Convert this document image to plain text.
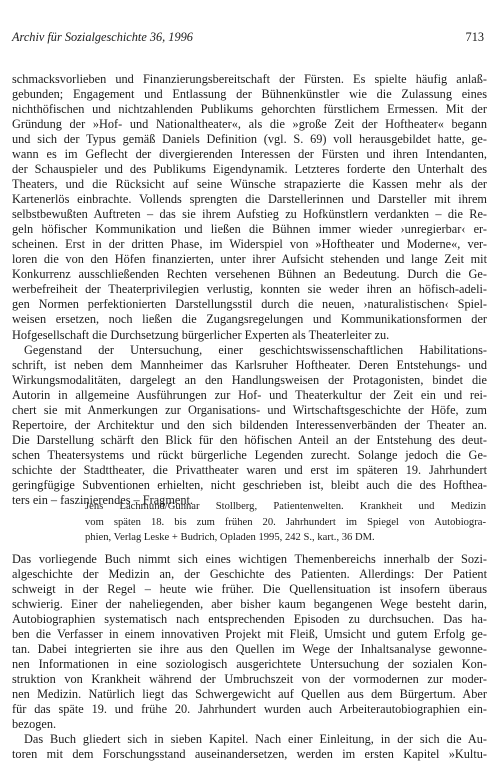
Archiv für Sozialgeschichte 36, 1996	713
schmacksvorlieben und Finanzierungsbereitschaft der Fürsten. Es spielte häufig anlaß-
gebunden; Engagement und Entlassung der Bühnenkünstler wie die Zulassung eines
nichthöfischen und nichtzahlenden Publikums gehorchten fürstlichem Ermessen. Mit der
Gründung der »Hof- und Nationaltheater«, als die »große Zeit der Hoftheater« begann
und sich der Typus gemäß Daniels Definition (vgl. S. 69) voll herausgebildet hatte, ge-
wann es im Geflecht der divergierenden Interessen der Fürsten und ihren Intendanten,
der Schauspieler und des Publikums Eigendynamik. Letzteres forderte den Unterhalt des
Theaters, und die Rücksicht auf seine Wünsche strapazierte die Kassen mehr als der
Kartenerlös einbrachte. Vollends sprengten die Darstellerinnen und Darsteller mit ihrem
selbstbewußten Auftreten – das sie ihrem Aufstieg zu Hofkünstlern verdankten – die Re-
geln höfischer Kommunikation und ließen die Bühnen immer wieder ›unregierbar‹ er-
scheinen. Erst in der dritten Phase, im Widerspiel von »Hoftheater und Moderne«, ver-
loren die von den Höfen finanzierten, unter ihrer Aufsicht stehenden und lange Zeit mit
Konkurrenz ausschließenden Rechten versehenen Bühnen an Bedeutung. Durch die Ge-
werbefreiheit der Theaterprivilegien verlustig, konnten sie weder ihren an höfisch-adeli-
gen Normen perfektionierten Darstellungsstil durch die neuen, ›naturalistischen‹ Spiel-
weisen ersetzen, noch ließen die Zugangsregelungen und Kommunikationsformen der
Hofgesellschaft die Durchsetzung bürgerlicher Experten als Theaterleiter zu.
Gegenstand der Untersuchung, einer geschichtswissenschaftlichen Habilitations-
schrift, ist neben dem Mannheimer das Karlsruher Hoftheater. Deren Entstehungs- und
Wirkungsmodalitäten, dargelegt an den Handlungsweisen der Protagonisten, bindet die
Autorin in allgemeine Ausführungen zur Hof- und Theaterkultur der Zeit ein und rei-
chert sie mit Anmerkungen zur Organisations- und Wirtschaftsgeschichte der Höfe, zum
Repertoire, der Architektur und den sich bildenden Interessenverbänden der Theater an.
Die Darstellung schärft den Blick für den höfischen Anteil an der Entstehung des deut-
schen Theatersystems und rückt bürgerliche Legenden zurecht. Solange jedoch die Ge-
schichte der Stadttheater, die Privattheater waren und erst im späteren 19. Jahrhundert
geringfügige Subventionen erhielten, nicht geschrieben ist, bleibt auch die des Hofthea-
ters ein – faszinierendes – Fragment.
Jens Lachmund/Gunnar Stollberg, Patientenwelten. Krankheit und Medizin
vom späten 18. bis zum frühen 20. Jahrhundert im Spiegel von Autobiogra-
phien, Verlag Leske + Budrich, Opladen 1995, 242 S., kart., 36 DM.
Das vorliegende Buch nimmt sich eines wichtigen Themenbereichs innerhalb der Sozi-
algeschichte der Medizin an, der Geschichte des Patienten. Allerdings: Der Patient
schweigt in der Regel – heute wie früher. Die Quellensituation ist insofern überaus
schwierig. Einer der naheliegenden, aber bisher kaum begangenen Wege besteht darin,
Autobiographien systematisch nach entsprechenden Episoden zu durchsuchen. Das ha-
ben die Verfasser in einem innovativen Projekt mit Fleiß, Umsicht und gutem Erfolg ge-
tan. Dabei integrierten sie ihre aus den Quellen im Wege der Inhaltsanalyse gewonne-
nen Informationen in eine soziologisch ausgerichtete Untersuchung der sozialen Kon-
struktion von Krankheit während der Umbruchszeit von der vormodernen zur moder-
nen Medizin. Natürlich liegt das Schwergewicht auf Quellen aus dem Bürgertum. Aber
für das späte 19. und frühe 20. Jahrhundert wurden auch Arbeiterautobiographien ein-
bezogen.
Das Buch gliedert sich in sieben Kapitel. Nach einer Einleitung, in der sich die Au-
toren mit dem Forschungsstand auseinandersetzen, werden im ersten Kapitel »Kultu-
